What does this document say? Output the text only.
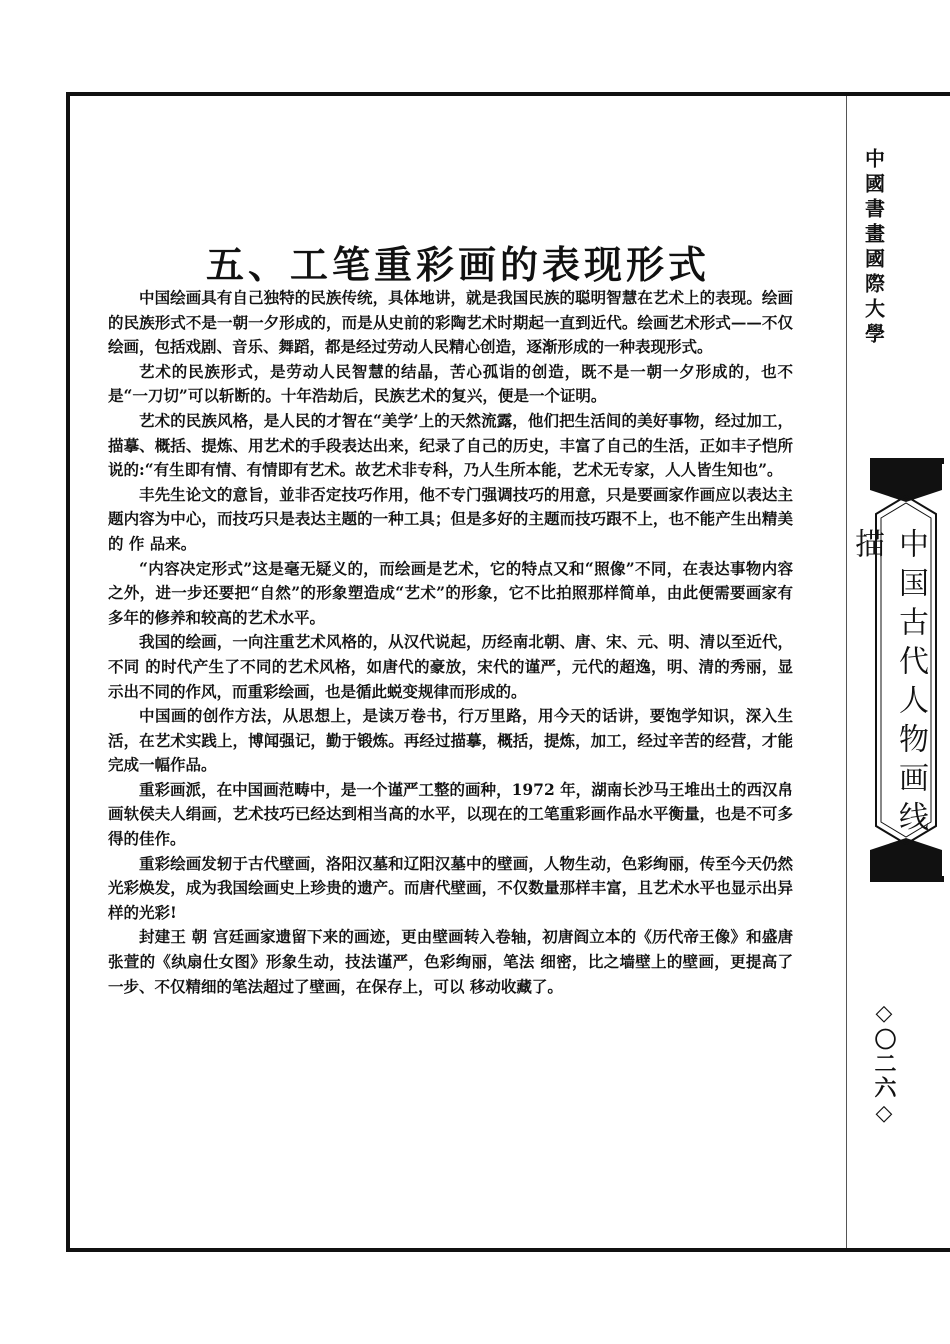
五、工笔重彩画的表现形式

中国绘画具有自己独特的民族传统，具体地讲，就是我国民族的聪明智慧在艺术上的表现。绘画的民族形式不是一朝一夕形成的，而是从史前的彩陶艺术时期起一直到近代。绘画艺术形式——不仅绘画，包括戏剧、音乐、舞蹈，都是经过劳动人民精心创造，逐渐形成的一种表现形式。

艺术的民族形式，是劳动人民智慧的结晶，苦心孤诣的创造，既不是一朝一夕形成的，也不是“一刀切”可以斩断的。十年浩劫后，民族艺术的复兴，便是一个证明。

艺术的民族风格，是人民的才智在“美学’上的天然流露，他们把生活间的美好事物，经过加工，描摹、概括、提炼、用艺术的手段表达出来，纪录了自己的历史，丰富了自己的生活，正如丰子恺所说的:“有生即有情、有情即有艺术。故艺术非专科，乃人生所本能，艺术无专家，人人皆生知也”。

丰先生论文的意旨，並非否定技巧作用，他不专门强调技巧的用意，只是要画家作画应以表达主题内容为中心，而技巧只是表达主题的一种工具；但是多好的主题而技巧跟不上，也不能产生出精美 的 作 品来。

“内容决定形式”这是毫无疑义的，而绘画是艺术，它的特点又和“照像”不同，在表达事物内容之外，进一步还要把“自然”的形象塑造成“艺术”的形象，它不比拍照那样简单，由此便需要画家有多年的修养和较高的艺术水平。

我国的绘画，一向注重艺术风格的，从汉代说起，历经南北朝、唐、宋、元、明、清以至近代， 不同 的时代产生了不同的艺术风格，如唐代的豪放，宋代的谨严，元代的超逸，明、清的秀丽，显示出不同的作风，而重彩绘画，也是循此蜕变规律而形成的。

中国画的创作方法，从思想上，是读万卷书，行万里路，用今天的话讲，要饱学知识，深入生活，在艺术实践上，博闻强记，勤于锻炼。再经过描摹，概括，提炼，加工，经过辛苦的经营，才能完成一幅作品。

重彩画派，在中国画范畴中，是一个谨严工整的画种，1972 年，湖南长沙马王堆出土的西汉帛画轪侯夫人绢画，艺术技巧已经达到相当高的水平，以现在的工笔重彩画作品水平衡量，也是不可多得的佳作。

重彩绘画发轫于古代壁画，洛阳汉墓和辽阳汉墓中的壁画，人物生动，色彩绚丽，传至今天仍然光彩焕发，成为我国绘画史上珍贵的遗产。而唐代壁画，不仅数量那样丰富，且艺术水平也显示出异样的光彩!

封建王 朝 宫廷画家遗留下来的画迹，更由壁画转入卷轴，初唐阎立本的《历代帝王像》和盛唐张萱的《纨扇仕女图》形象生动，技法谨严，色彩绚丽，笔法 细密，比之墙壁上的壁画，更提高了一步、不仅精细的笔法超过了壁画，在保存上，可以 移动收藏了。

中國書畫國際大學
中国古代人物画线描
◇〇二六◇
